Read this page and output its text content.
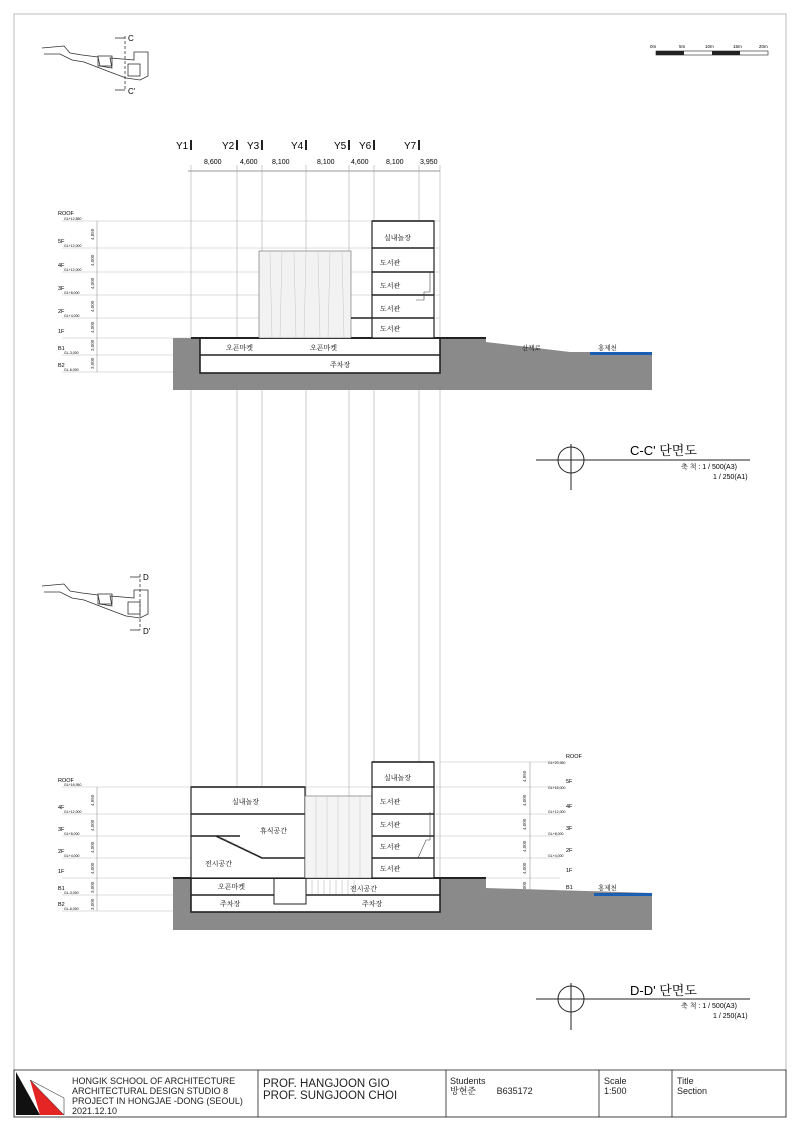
C
C'
0m	5m	10m	15m	20m
Y1	Y2 Y3	Y4	Y5 Y6	Y7
8,600	4,600 8,100	8,100 4,600 8,100 3,950
ROOF
5F
4F
3F
2F
1F
B1
B2
GL+12,850
GL+12,000
GL+12,000
GL+8,000
GL+4,000
GL-3,000
GL-6,000
4,850
4,000
4,000
4,000
4,000
3,000
3,000
실내놀장
도서관
도서관
도서관
도서관
오픈마켓	오픈마켓
주차장
산책로	홍제천
C-C' 단면도
축 척 : 1 / 500(A3)
1 / 250(A1)
D
D'
ROOF
4F
3F
2F
1F
B1
B2
GL+16,950
GL+12,000
GL+8,000
GL+4,000
GL-3,000
GL-6,000
4,950
4,000
4,000
4,000
3,000
3,000
ROOF
5F
4F
3F
2F
1F
B1
GL+20,950
GL+16,000
GL+12,000
GL+8,000
GL+4,000
4,950
4,000
4,000
4,000
4,000
3,000
실내놀장
실내놀장	도서관
도서관
도서관
도서관
휴식공간
전시공간
전시공간
오픈마켓
주차장	주차장
홍제천
D-D' 단면도
축 척 : 1 / 500(A3)
1 / 250(A1)
HONGIK SCHOOL OF ARCHITECTURE
ARCHITECTURAL DESIGN STUDIO 8
PROJECT IN HONGJAE -DONG (SEOUL)
2021.12.10
PROF. HANGJOON GIO
PROF. SUNGJOON CHOI
Students
방현준 B635172
Scale
1:500
Title
Section
